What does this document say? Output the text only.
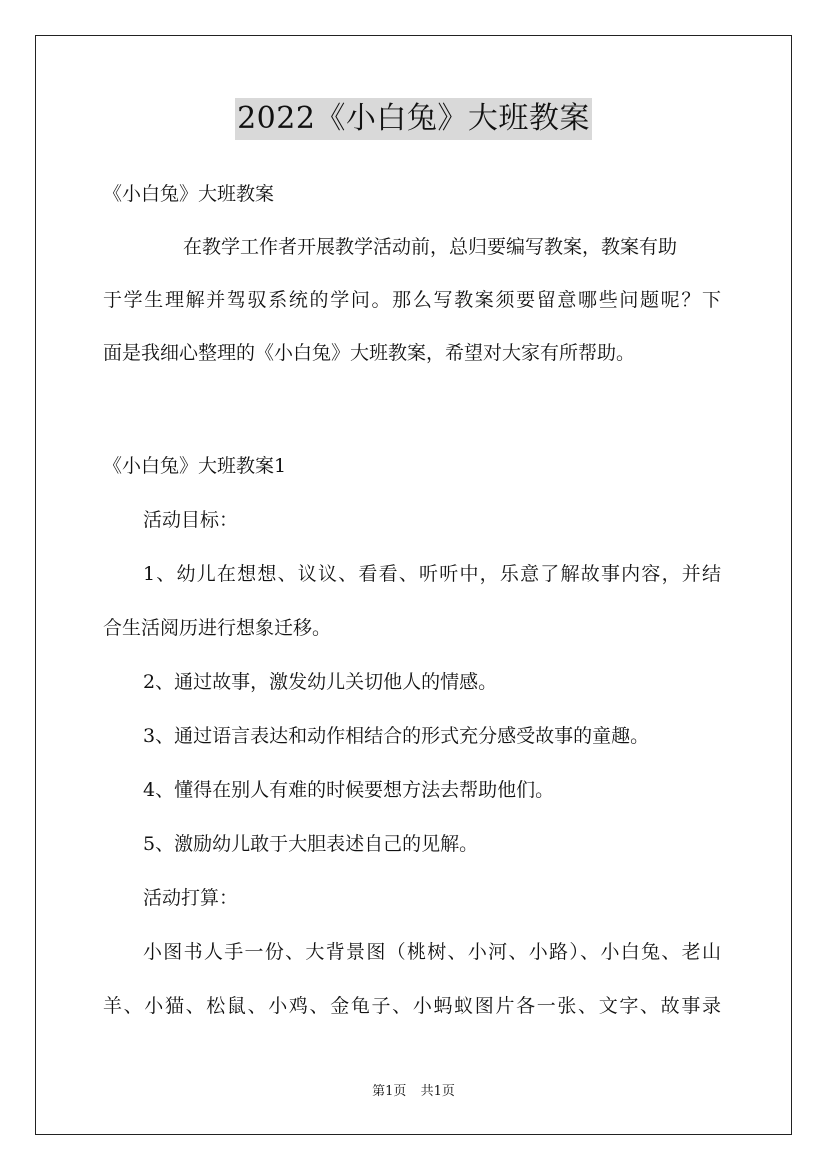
2022《小白兔》大班教案
《小白兔》大班教案
在教学工作者开展教学活动前，总归要编写教案，教案有助
于学生理解并驾驭系统的学问。那么写教案须要留意哪些问题呢？下
面是我细心整理的《小白兔》大班教案，希望对大家有所帮助。
《小白兔》大班教案1
活动目标：
1、幼儿在想想、议议、看看、听听中，乐意了解故事内容，并结
合生活阅历进行想象迁移。
2、通过故事，激发幼儿关切他人的情感。
3、通过语言表达和动作相结合的形式充分感受故事的童趣。
4、懂得在别人有难的时候要想方法去帮助他们。
5、激励幼儿敢于大胆表述自己的见解。
活动打算：
小图书人手一份、大背景图（桃树、小河、小路）、小白兔、老山
羊、小猫、松鼠、小鸡、金龟子、小蚂蚁图片各一张、文字、故事录
第1页 共1页
